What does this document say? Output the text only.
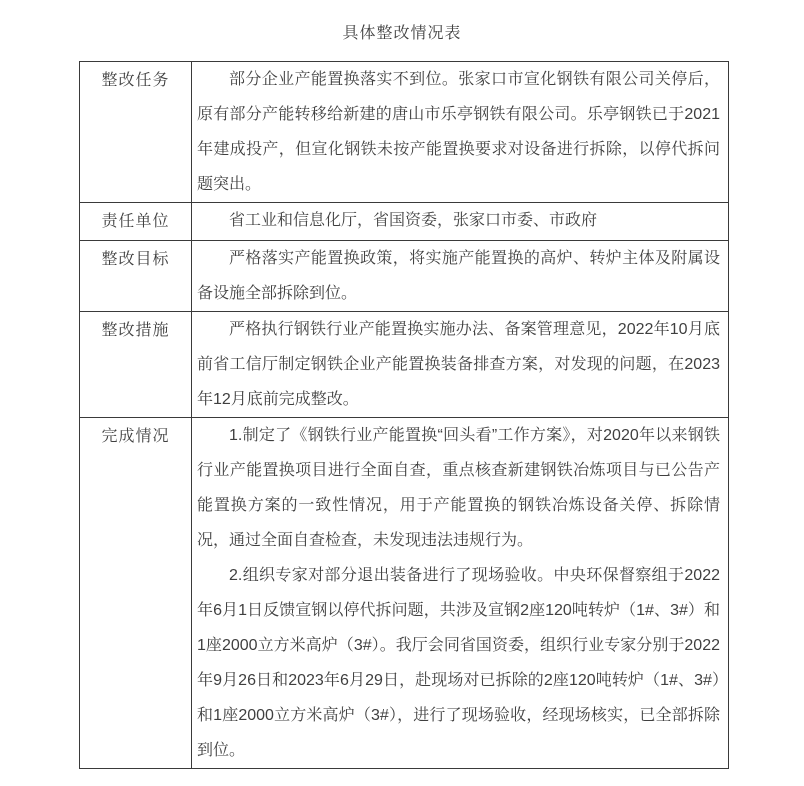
具体整改情况表
整改任务	部分企业产能置换落实不到位。张家口市宣化钢铁有限公司关停后，原有部分产能转移给新建的唐山市乐亭钢铁有限公司。乐亭钢铁已于2021年建成投产，但宣化钢铁未按产能置换要求对设备进行拆除，以停代拆问题突出。

责任单位	省工业和信息化厅，省国资委，张家口市委、市政府

整改目标	严格落实产能置换政策，将实施产能置换的高炉、转炉主体及附属设备设施全部拆除到位。

整改措施	严格执行钢铁行业产能置换实施办法、备案管理意见，2022年10月底前省工信厅制定钢铁企业产能置换装备排查方案，对发现的问题，在2023年12月底前完成整改。

完成情况	1.制定了《钢铁行业产能置换“回头看”工作方案》，对2020年以来钢铁行业产能置换项目进行全面自查，重点核查新建钢铁冶炼项目与已公告产能置换方案的一致性情况，用于产能置换的钢铁冶炼设备关停、拆除情况，通过全面自查检查，未发现违法违规行为。

2.组织专家对部分退出装备进行了现场验收。中央环保督察组于2022年6月1日反馈宣钢以停代拆问题，共涉及宣钢2座120吨转炉（1#、3#）和1座2000立方米高炉（3#）。我厅会同省国资委，组织行业专家分别于2022年9月26日和2023年6月29日，赴现场对已拆除的2座120吨转炉（1#、3#）和1座2000立方米高炉（3#），进行了现场验收，经现场核实，已全部拆除到位。
